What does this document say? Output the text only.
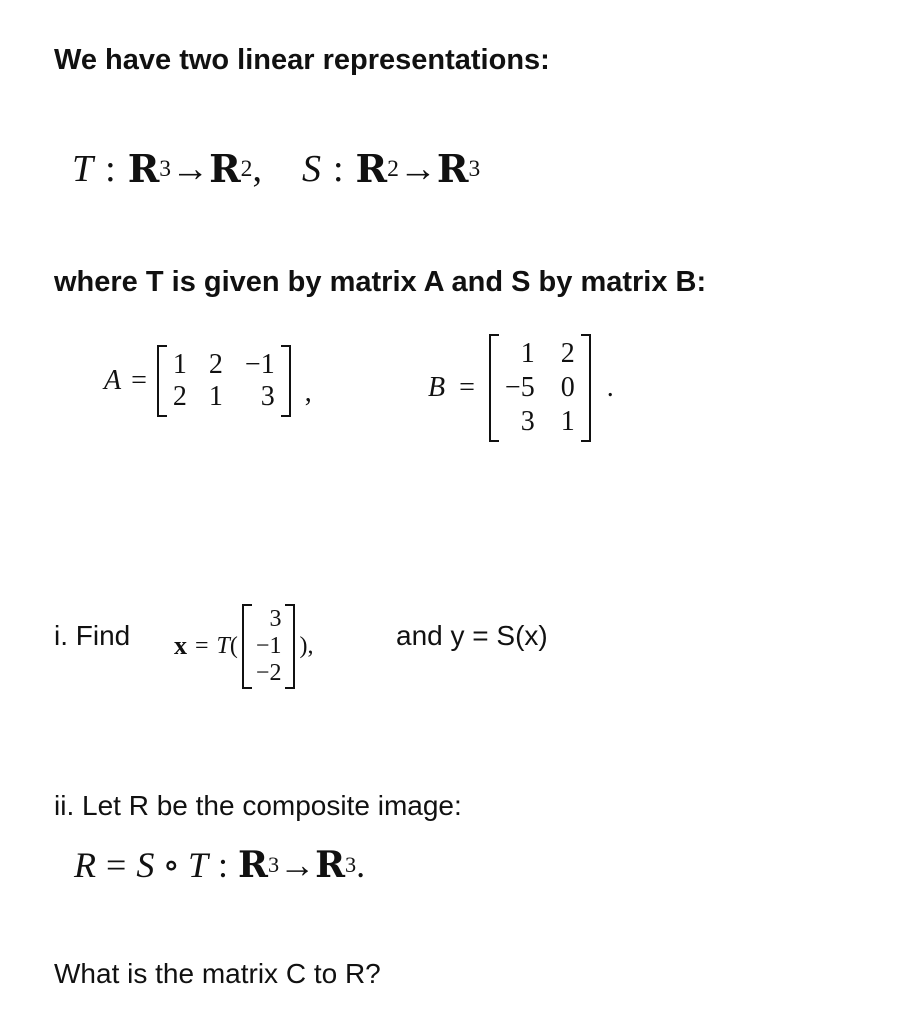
We have two linear representations:
T : R 3 → R 2 , S : R 2 → R 3
where T is given by matrix A and S by matrix B:
A =
1 2 −1
2 1	3 ,	B =
1 2
−5 0
3 1
.
i. Find x = T (
3
−1
−2
) ,	and y = S(x)
ii. Let R be the composite image:
R = S ∘ T : R 3 → R 3 .
What is the matrix C to R?
